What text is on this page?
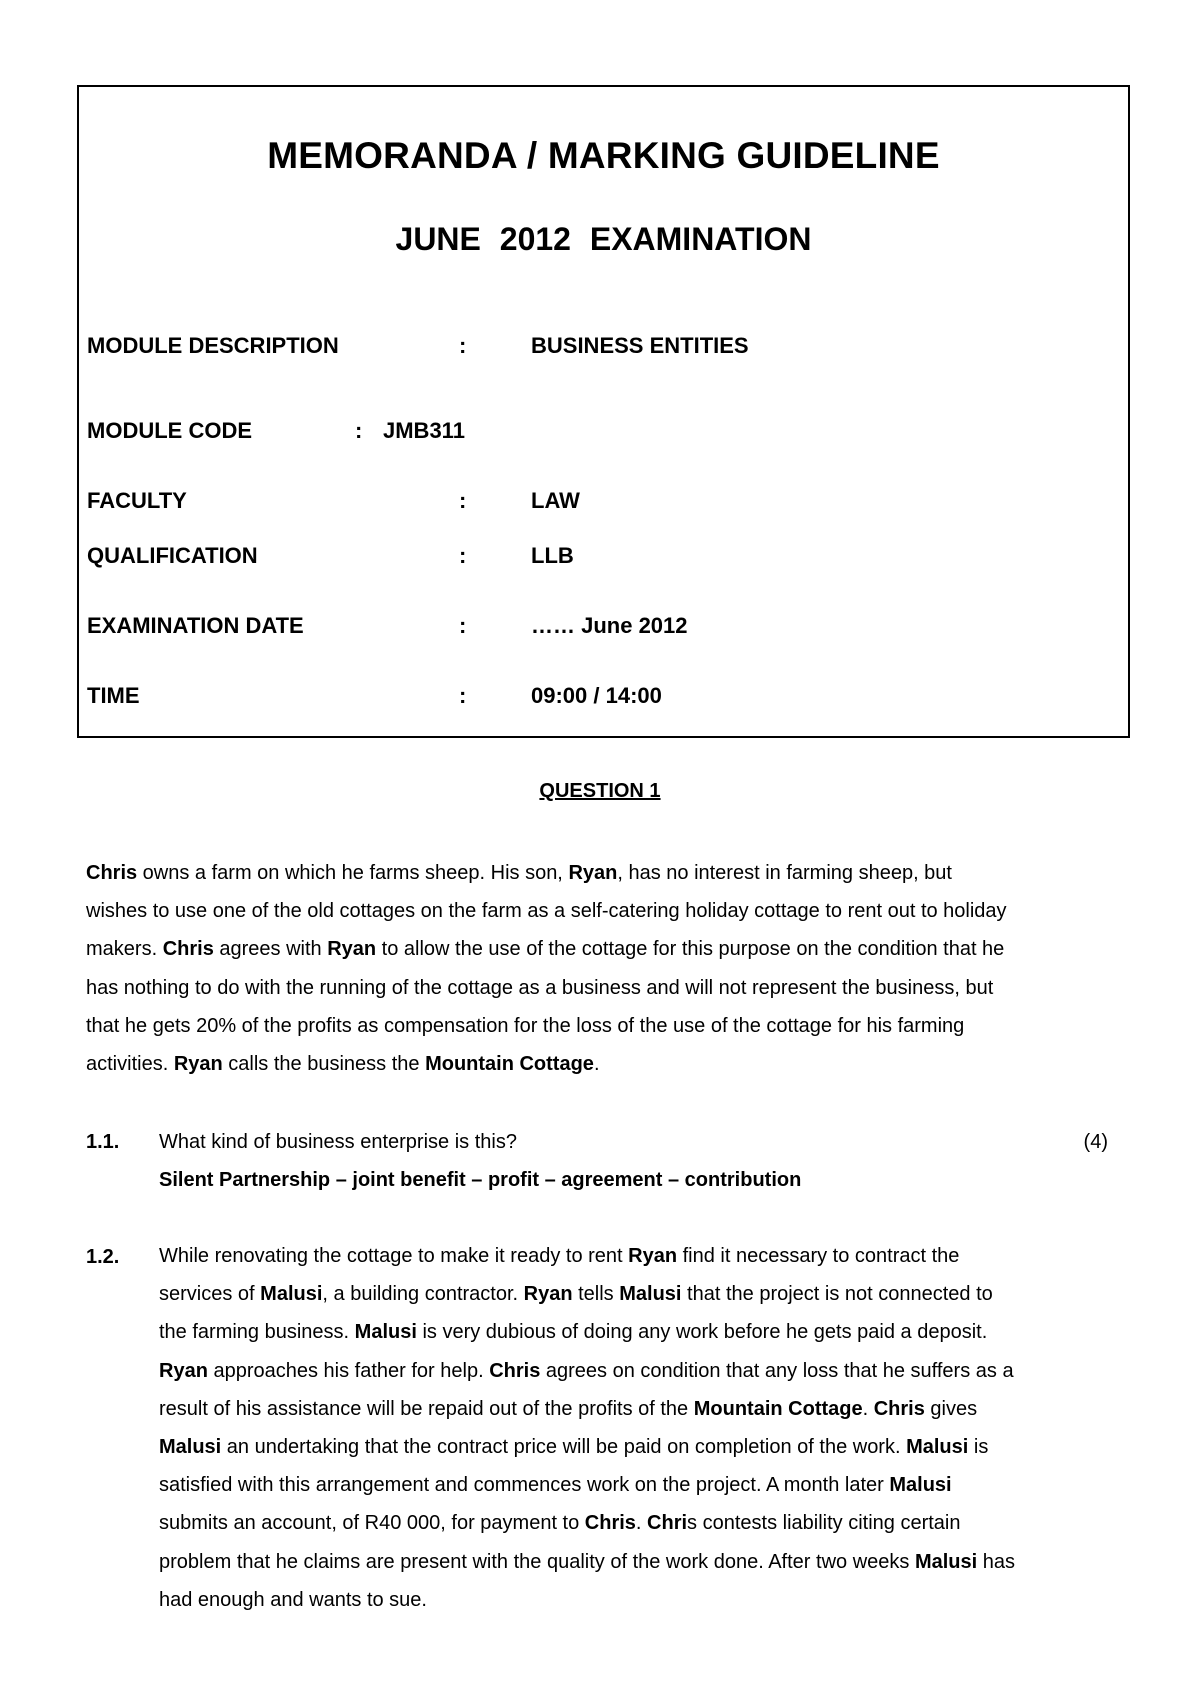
MEMORANDA / MARKING GUIDELINE
JUNE 2012 EXAMINATION
MODULE DESCRIPTION	:	BUSINESS ENTITIES
MODULE CODE	: JMB311
FACULTY	:	LAW
QUALIFICATION	:	LLB
EXAMINATION DATE	:	…… June 2012
TIME	:	09:00 / 14:00
QUESTION 1
Chris owns a farm on which he farms sheep. His son, Ryan, has no interest in farming sheep, but
wishes to use one of the old cottages on the farm as a self-catering holiday cottage to rent out to holiday
makers. Chris agrees with Ryan to allow the use of the cottage for this purpose on the condition that he
has nothing to do with the running of the cottage as a business and will not represent the business, but
that he gets 20% of the profits as compensation for the loss of the use of the cottage for his farming
activities. Ryan calls the business the Mountain Cottage.
1.1. What kind of business enterprise is this?	(4)
Silent Partnership – joint benefit – profit – agreement – contribution
1.2. While renovating the cottage to make it ready to rent Ryan find it necessary to contract the
services of Malusi, a building contractor. Ryan tells Malusi that the project is not connected to
the farming business. Malusi is very dubious of doing any work before he gets paid a deposit.
Ryan approaches his father for help. Chris agrees on condition that any loss that he suffers as a
result of his assistance will be repaid out of the profits of the Mountain Cottage. Chris gives
Malusi an undertaking that the contract price will be paid on completion of the work. Malusi is
satisfied with this arrangement and commences work on the project. A month later Malusi
submits an account, of R40 000, for payment to Chris. Chris contests liability citing certain
problem that he claims are present with the quality of the work done. After two weeks Malusi has
had enough and wants to sue.
